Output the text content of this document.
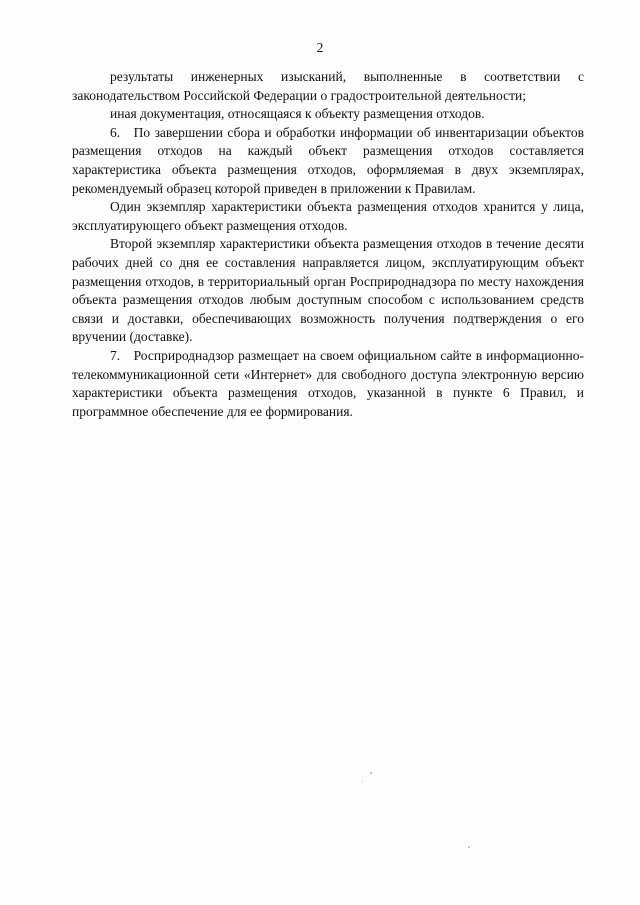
2

результаты инженерных изысканий, выполненные в соответствии с законодательством Российской Федерации о градостроительной деятельности;

иная документация, относящаяся к объекту размещения отходов.

6. По завершении сбора и обработки информации об инвентаризации объектов размещения отходов на каждый объект размещения отходов составляется характеристика объекта размещения отходов, оформляемая в двух экземплярах, рекомендуемый образец которой приведен в приложении к Правилам.

Один экземпляр характеристики объекта размещения отходов хранится у лица, эксплуатирующего объект размещения отходов.

Второй экземпляр характеристики объекта размещения отходов в течение десяти рабочих дней со дня ее составления направляется лицом, эксплуатирующим объект размещения отходов, в территориальный орган Росприроднадзора по месту нахождения объекта размещения отходов любым доступным способом с использованием средств связи и доставки, обеспечивающих возможность получения подтверждения о его вручении (доставке).

7. Росприроднадзор размещает на своем официальном сайте в информационно-телекоммуникационной сети «Интернет» для свободного доступа электронную версию характеристики объекта размещения отходов, указанной в пункте 6 Правил, и программное обеспечение для ее формирования.
